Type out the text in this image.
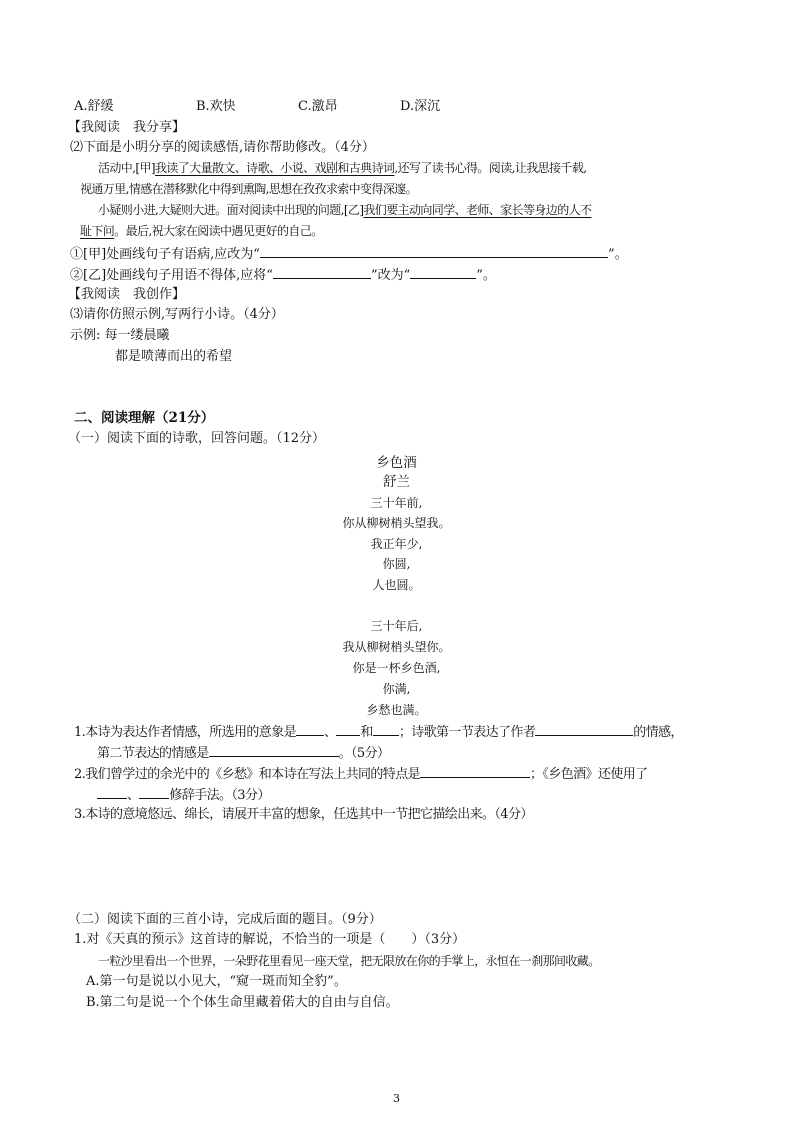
A.舒缓	B.欢快	C.激昂	D.深沉
【我阅读　我分享】
⑵下面是小明分享的阅读感悟,请你帮助修改。（4分）
活动中,[甲]我读了大量散文、诗歌、小说、戏剧和古典诗词,还写了读书心得。阅读,让我思接千载,
视通万里,情感在潜移默化中得到熏陶,思想在孜孜求索中变得深邃。
小疑则小进,大疑则大进。面对阅读中出现的问题,[乙]我们要主动向同学、老师、家长等身边的人不
耻下问。最后,祝大家在阅读中遇见更好的自己。
①[甲]处画线句子有语病,应改为“	”。
②[乙]处画线句子用语不得体,应将“	”改为“	”。
【我阅读　我创作】
⑶请你仿照示例,写两行小诗。（4分）
示例: 每一缕晨曦
都是喷薄而出的希望
二、阅读理解（21分）
（一）阅读下面的诗歌，回答问题。（12分）
乡色酒
舒兰
三十年前,
你从柳树梢头望我。
我正年少,
你圆,
人也圆。
三十年后,
我从柳树梢头望你。
你是一杯乡色酒,
你满,
乡愁也满。
1.本诗为表达作者情感，所选用的意象是 、 和 ；诗歌第一节表达了作者	的情感，
第二节表达的情感是	。（5分）
2.我们曾学过的余光中的《乡愁》和本诗在写法上共同的特点是	；《乡色酒》还使用了
、 修辞手法。（3分）
3.本诗的意境悠远、绵长，请展开丰富的想象，任选其中一节把它描绘出来。（4分）
（二）阅读下面的三首小诗，完成后面的题目。（9分）
1.对《天真的预示》这首诗的解说，不恰当的一项是（　　）（3分）
一粒沙里看出一个世界，一朵野花里看见一座天堂，把无限放在你的手掌上，永恒在一刹那间收藏。
A.第一句是说以小见大，“窥一斑而知全豹”。
B.第二句是说一个个体生命里藏着偌大的自由与自信。
3
